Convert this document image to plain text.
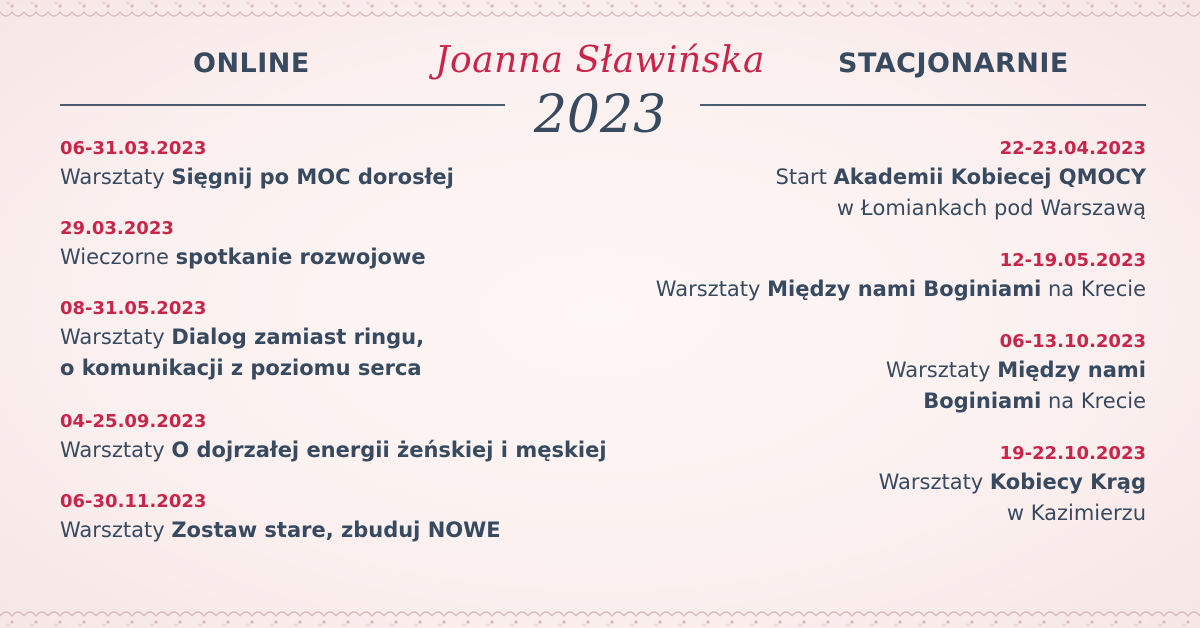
ONLINE	Joanna Sławińska	STACJONARNIE
2023
06-31.03.2023
Warsztaty Sięgnij po MOC dorosłej
29.03.2023
Wieczorne spotkanie rozwojowe
08-31.05.2023
Warsztaty Dialog zamiast ringu,
o komunikacji z poziomu serca
04-25.09.2023
Warsztaty O dojrzałej energii żeńskiej i męskiej
06-30.11.2023
Warsztaty Zostaw stare, zbuduj NOWE
22-23.04.2023
Start Akademii Kobiecej QMOCY
w Łomiankach pod Warszawą
12-19.05.2023
Warsztaty Między nami Boginiami na Krecie
06-13.10.2023
Warsztaty Między nami
Boginiami na Krecie
19-22.10.2023
Warsztaty Kobiecy Krąg
w Kazimierzu
